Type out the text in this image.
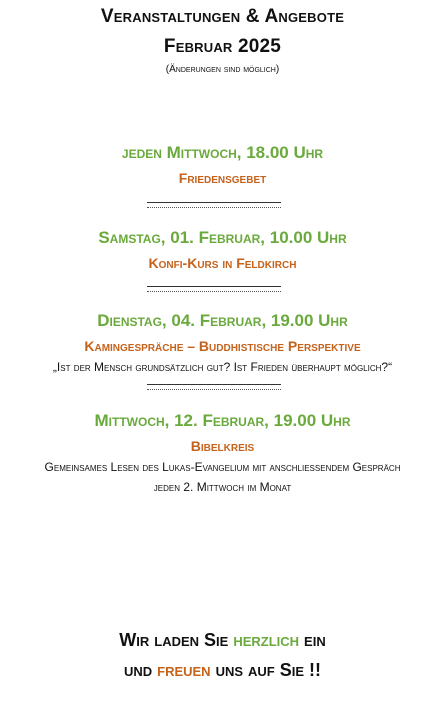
Veranstaltungen & Angebote
Februar 2025
(Änderungen sind möglich)
jeden Mittwoch, 18.00 Uhr
Friedensgebet
Samstag, 01. Februar, 10.00 Uhr
Konfi-Kurs in Feldkirch
Dienstag, 04. Februar, 19.00 Uhr
Kamingespräche – Buddhistische Perspektive
„Ist der Mensch grundsätzlich gut? Ist Frieden überhaupt möglich?“
Mittwoch, 12. Februar, 19.00 Uhr
Bibelkreis
Gemeinsames Lesen des Lukas-Evangelium mit anschließendem Gespräch
jeden 2. Mittwoch im Monat
Wir laden Sie herzlich ein
und freuen uns auf Sie !!
